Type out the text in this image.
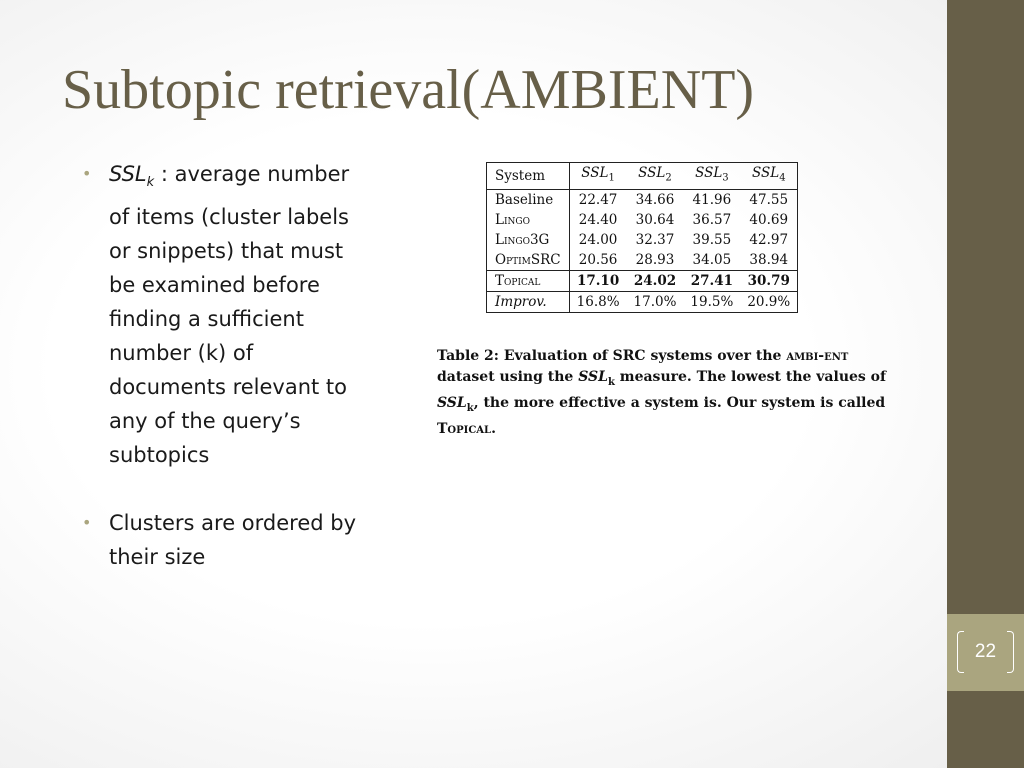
22
Subtopic retrieval(AMBIENT)
• $SSL_k$ : average number of items (cluster labels or snippets) that must be examined before finding a sufficient number (k) of documents relevant to any of the query’s subtopics
• Clusters are ordered by their size
System	$SSL_1$	$SSL_2$	$SSL_3$	$SSL_4$
Baseline	22.47	34.66	41.96	47.55
Lingo	24.40	30.64	36.57	40.69
Lingo3G	24.00	32.37	39.55	42.97
OptimSRC	20.56	28.93	34.05	38.94
Topical	17.10	24.02	27.41	30.79
Improv.	16.8%	17.0%	19.5%	20.9%

Table 2: Evaluation of SRC systems over the ambi-ent dataset using the $SSL_k$ measure. The lowest the values of $SSL_k$, the more effective a system is. Our system is called Topical.
